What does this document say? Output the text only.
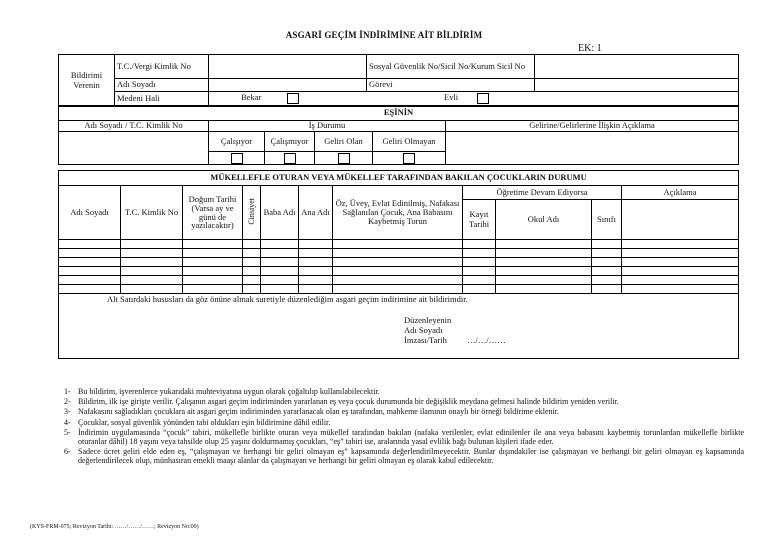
ASGARİ GEÇİM İNDİRİMİNE AİT BİLDİRİM
EK: 1
Bildirimi Verenin	T.C./Vergi Kimlik No		Sosyal Güvenlik No/Sicil No/Kurum Sicil No		
	Adı Soyadı		Görevi		
	Medeni Hali	Bekar Evli

EŞİNİN					
Adı Soyadı / T.C. Kimlik No	İş Durumu				Gelirine/Gelirlerine İlişkin Açıklama
	Çalışıyor	Çalışmıyor	Geliri Olan	Geliri Olmayan	

MÜKELLEFLE OTURAN VEYA MÜKELLEF TARAFINDAN BAKILAN ÇOCUKLARIN DURUMU										
Adı Soyadı	T.C. Kimlik No	Doğum Tarihi (Varsa ay ve günü de yazılacaktır)	Cinsiyet	Baba Adı	Ana Adı	Öz, Üvey, Evlat Edinilmiş, Nafakası Sağlanılan Çocuk, Ana Babasını Kaybetmiş Torun	Öğretime Devam Ediyorsa			Açıklama
							Kayıt Tarihi	Okul Adı	Sınıfı	

Alt Satırdaki hususları da göz önüne almak suretiyle düzenlediğim asgari geçim indirimine ait bildirimdir.
Düzenleyenin
Adı Soyadı
İmzası/Tarih …/…/……										
1- Bu bildirim, işverenlerce yukarıdaki muhteviyatına uygun olarak çoğaltılıp kullanılabilecektir.
2- Bildirim, ilk işe girişte verilir. Çalışanın asgari geçim indiriminden yararlanan eş veya çocuk durumunda bir değişiklik meydana gelmesi halinde bildirim yeniden verilir.
3- Nafakasını sağladıkları çocuklara ait asgari geçim indiriminden yararlanacak olan eş tarafından, mahkeme ilamının onaylı bir örneği bildirime eklenir.
4- Çocuklar, sosyal güvenlik yönünden tabi oldukları eşin bildirimine dâhil edilir.
5- İndirimin uygulamasında “çocuk” tabiri, mükellefle birlikte oturan veya mükellef tarafından bakılan (nafaka verilenler, evlat edinilenler ile ana veya babasını kaybetmiş torunlardan mükellefle birlikte oturanlar dâhil) 18 yaşını veya tahsilde olup 25 yaşını doldurmamış çocukları, “eş” tabiri ise, aralarında yasal evlilik bağı bulunan kişileri ifade eder.
6- Sadece ücret geliri elde eden eş, “çalışmayan ve herhangi bir geliri olmayan eş” kapsamında değerlendirilmeyecektir. Bunlar dışındakiler ise çalışmayan ve herhangi bir geliri olmayan eş kapsamında değerlendirilecek olup, münhasıran emekli maaşı alanlar da çalışmayan ve herhangi bir geliri olmayan eş olarak kabul edilecektir.
(KYS-FRM-075; Revizyon Tarihi: ……/……/……; Revizyon No:00)
